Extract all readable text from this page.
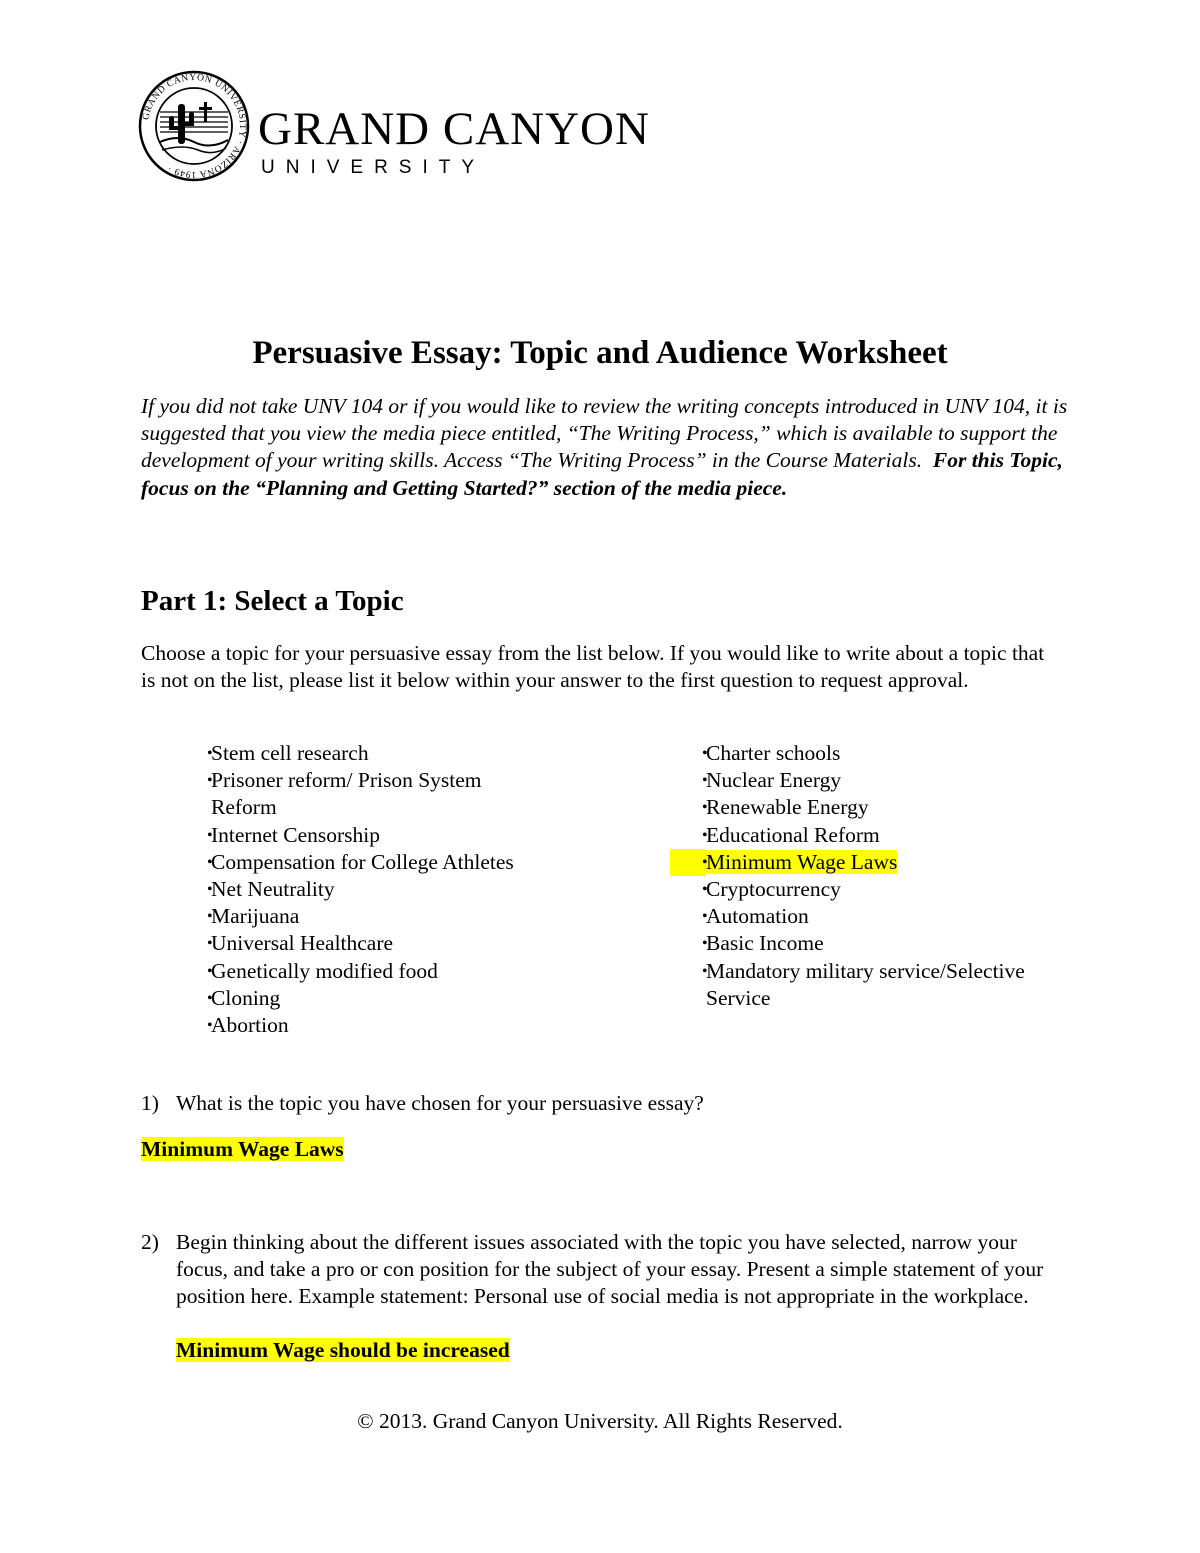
GRAND CANYON UNIVERSITY · ARIZONA 1949 ·
GRAND CANYON
UNIVERSITY
Persuasive Essay: Topic and Audience Worksheet

If you did not take UNV 104 or if you would like to review the writing concepts introduced in UNV 104, it is suggested that you view the media piece entitled, “The Writing Process,” which is available to support the development of your writing skills. Access “The Writing Process” in the Course Materials. For this Topic, focus on the “Planning and Getting Started?” section of the media piece.

Part 1: Select a Topic

Choose a topic for your persuasive essay from the list below. If you would like to write about a topic that is not on the list, please list it below within your answer to the first question to request approval.

Stem cell research
Prisoner reform/ Prison System Reform
Internet Censorship
Compensation for College Athletes
Net Neutrality
Marijuana
Universal Healthcare
Genetically modified food
Cloning
Abortion
Charter schools
Nuclear Energy
Renewable Energy
Educational Reform
•
Minimum Wage Laws
Cryptocurrency
Automation
Basic Income
Mandatory military service/Selective Service
1) What is the topic you have chosen for your persuasive essay?

Minimum Wage Laws

2) Begin thinking about the different issues associated with the topic you have selected, narrow your focus, and take a pro or con position for the subject of your essay. Present a simple statement of your position here. Example statement: Personal use of social media is not appropriate in the workplace.

Minimum Wage should be increased

© 2013. Grand Canyon University. All Rights Reserved.
